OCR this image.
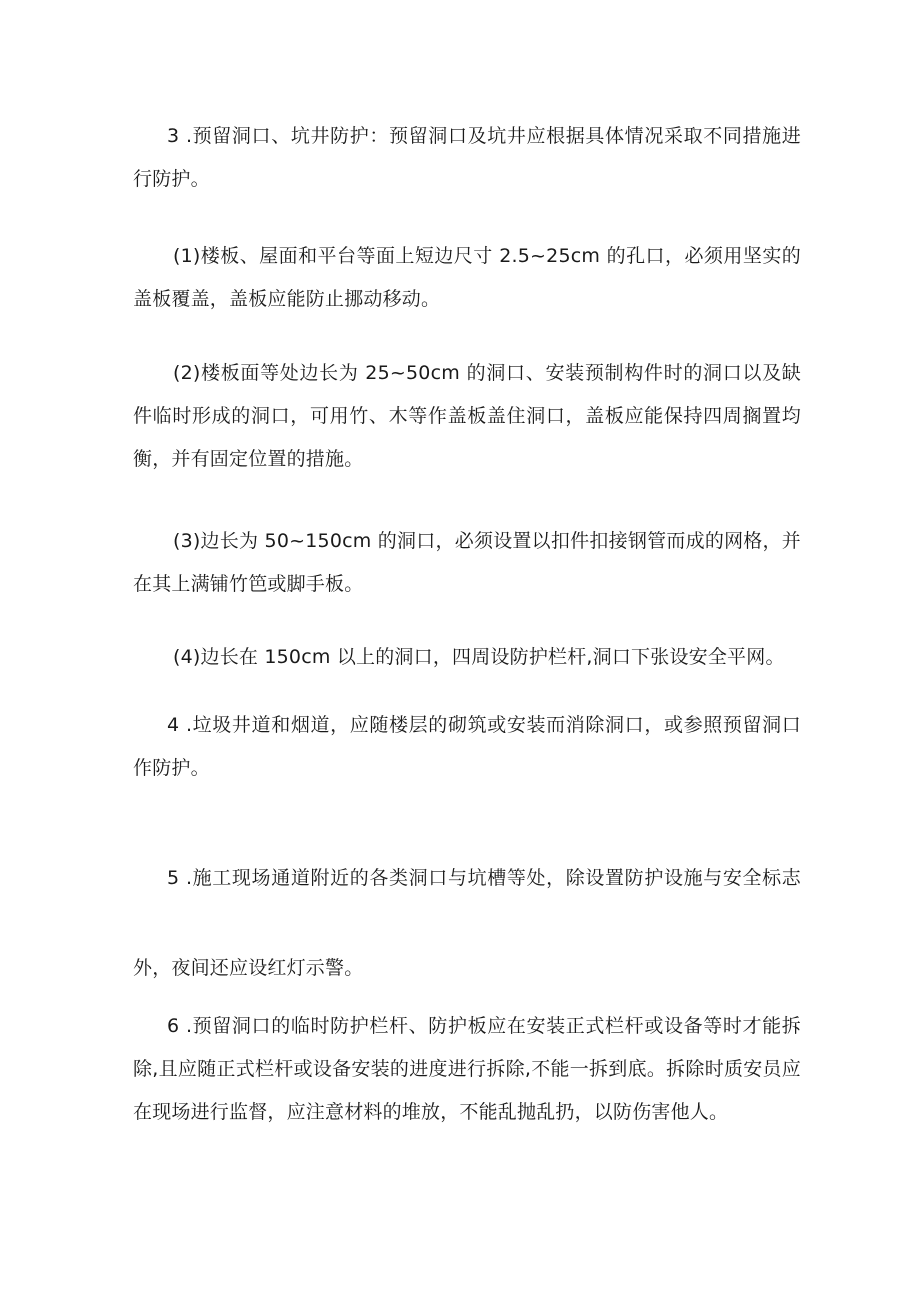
3 .预留洞口、坑井防护：预留洞口及坑井应根据具体情况采取不同措施进行防护。

(1)楼板、屋面和平台等面上短边尺寸 2.5~25cm 的孔口，必须用坚实的盖板覆盖，盖板应能防止挪动移动。

(2)楼板面等处边长为 25~50cm 的洞口、安装预制构件时的洞口以及缺件临时形成的洞口，可用竹、木等作盖板盖住洞口，盖板应能保持四周搁置均衡，并有固定位置的措施。

(3)边长为 50~150cm 的洞口，必须设置以扣件扣接钢管而成的网格，并在其上满铺竹笆或脚手板。

(4)边长在 150cm 以上的洞口，四周设防护栏杆,洞口下张设安全平网。

4 .垃圾井道和烟道，应随楼层的砌筑或安装而消除洞口，或参照预留洞口作防护。

5 .施工现场通道附近的各类洞口与坑槽等处，除设置防护设施与安全标志外，夜间还应设红灯示警。

6 .预留洞口的临时防护栏杆、防护板应在安装正式栏杆或设备等时才能拆除,且应随正式栏杆或设备安装的进度进行拆除,不能一拆到底。拆除时质安员应在现场进行监督，应注意材料的堆放，不能乱抛乱扔，以防伤害他人。
